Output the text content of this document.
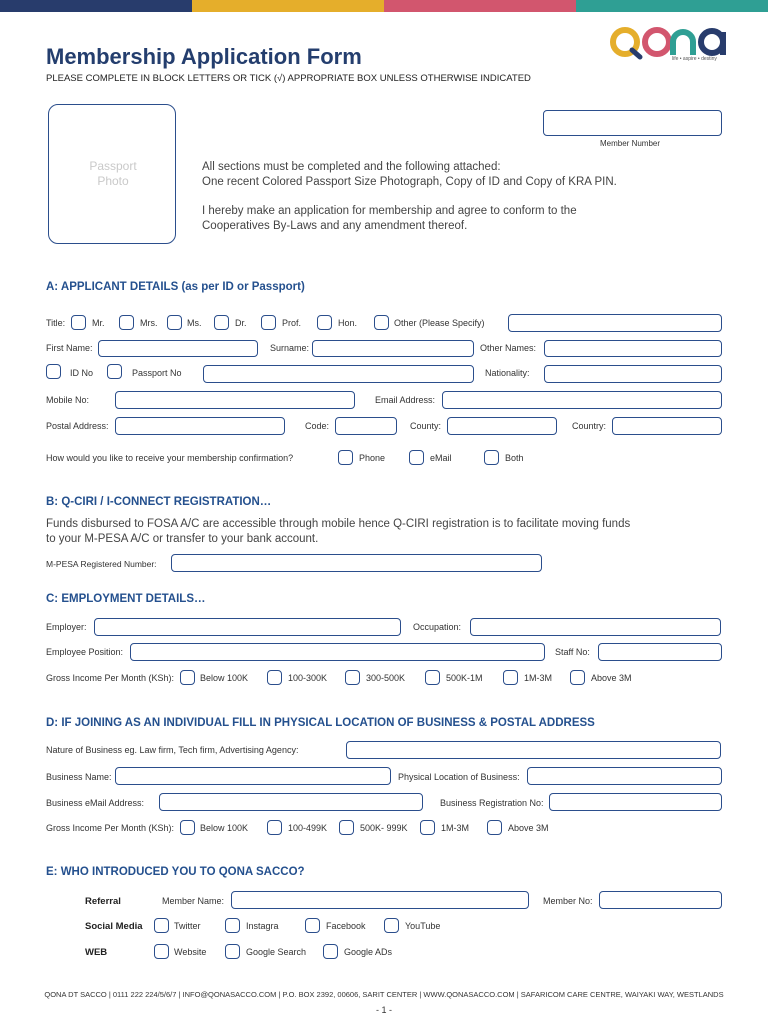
life • aspire • destiny
Membership Application Form
PLEASE COMPLETE IN BLOCK LETTERS OR TICK (√) APPROPRIATE BOX UNLESS OTHERWISE INDICATED
Passport Photo
Member Number
All sections must be completed and the following attached:
One recent Colored Passport Size Photograph, Copy of ID and Copy of KRA PIN.
I hereby make an application for membership and agree to conform to the
Cooperatives By-Laws and any amendment thereof.
A: APPLICANT DETAILS (as per ID or Passport)
Title:	Mr.	Mrs.	Ms.	Dr.	Prof.	Hon.	Other (Please Specify)
First Name:	Surname:	Other Names:
ID No	Passport No	Nationality:
Mobile No:	Email Address:
Postal Address:	Code:	County:	Country:
How would you like to receive your membership confirmation?	Phone	eMail	Both
B: Q-CIRI / I-CONNECT REGISTRATION…
Funds disbursed to FOSA A/C are accessible through mobile hence Q-CIRI registration is to facilitate moving funds
to your M-PESA A/C or transfer to your bank account.
M-PESA Registered Number:
C: EMPLOYMENT DETAILS…
Employer:	Occupation:
Employee Position:	Staff No:
Gross Income Per Month (KSh):	Below 100K	100-300K	300-500K	500K-1M	1M-3M	Above 3M
D: IF JOINING AS AN INDIVIDUAL FILL IN PHYSICAL LOCATION OF BUSINESS & POSTAL ADDRESS
Nature of Business eg. Law firm, Tech firm, Advertising Agency:
Business Name:	Physical Location of Business:
Business eMail Address:	Business Registration No:
Gross Income Per Month (KSh):	Below 100K	100-499K	500K- 999K	1M-3M	Above 3M
E: WHO INTRODUCED YOU TO QONA SACCO?
Referral	Member Name:	Member No:
Social Media	Twitter	Instagra	Facebook	YouTube
WEB	Website	Google Search	Google ADs
QONA DT SACCO | 0111 222 224/5/6/7 | INFO@QONASACCO.COM | P.O. BOX 2392, 00606, SARIT CENTER | WWW.QONASACCO.COM | SAFARICOM CARE CENTRE, WAIYAKI WAY, WESTLANDS
- 1 -
